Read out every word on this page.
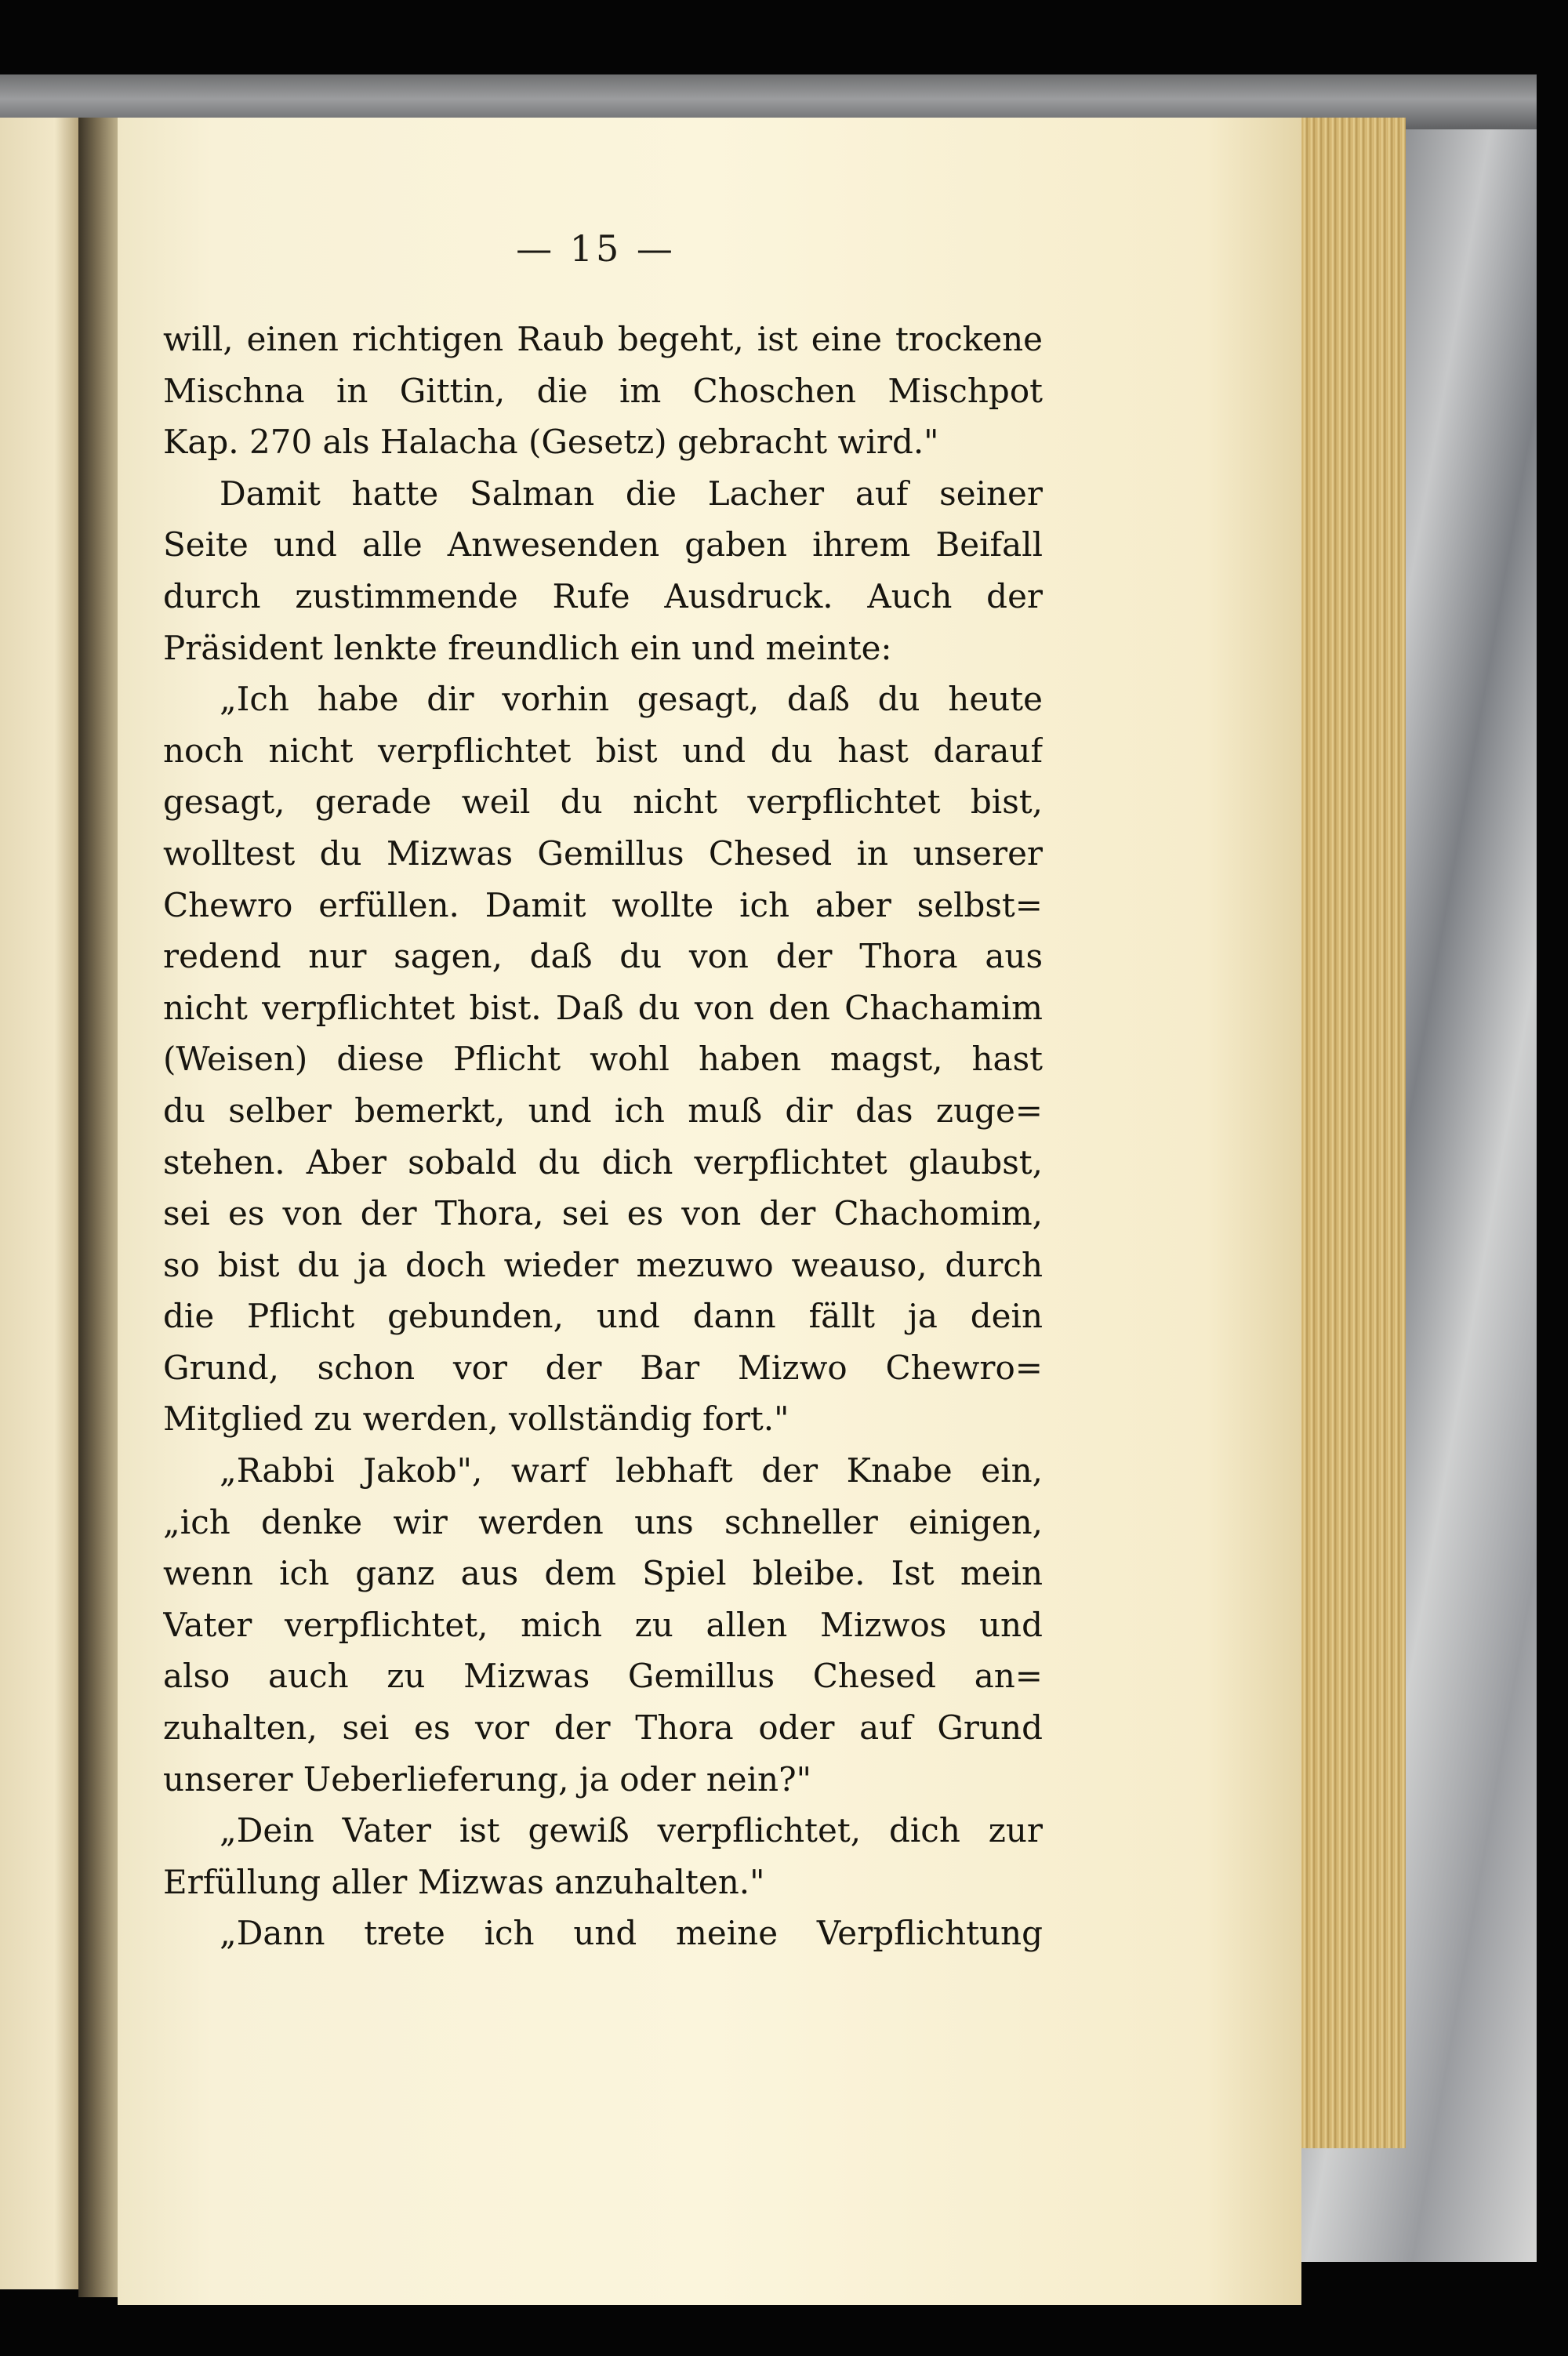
— 15 —
will, einen richtigen Raub begeht, ist eine trockene
Mischna in Gittin, die im Choschen Mischpot
Kap. 270 als Halacha (Gesetz) gebracht wird."
Damit hatte Salman die Lacher auf seiner
Seite und alle Anwesenden gaben ihrem Beifall
durch zustimmende Rufe Ausdruck. Auch der
Präsident lenkte freundlich ein und meinte:
„Ich habe dir vorhin gesagt, daß du heute
noch nicht verpflichtet bist und du hast darauf
gesagt, gerade weil du nicht verpflichtet bist,
wolltest du Mizwas Gemillus Chesed in unserer
Chewro erfüllen. Damit wollte ich aber selbst=
redend nur sagen, daß du von der Thora aus
nicht verpflichtet bist. Daß du von den Chachamim
(Weisen) diese Pflicht wohl haben magst, hast
du selber bemerkt, und ich muß dir das zuge=
stehen. Aber sobald du dich verpflichtet glaubst,
sei es von der Thora, sei es von der Chachomim,
so bist du ja doch wieder mezuwo weauso, durch
die Pflicht gebunden, und dann fällt ja dein
Grund, schon vor der Bar Mizwo Chewro=
Mitglied zu werden, vollständig fort."
„Rabbi Jakob", warf lebhaft der Knabe ein,
„ich denke wir werden uns schneller einigen,
wenn ich ganz aus dem Spiel bleibe. Ist mein
Vater verpflichtet, mich zu allen Mizwos und
also auch zu Mizwas Gemillus Chesed an=
zuhalten, sei es vor der Thora oder auf Grund
unserer Ueberlieferung, ja oder nein?"
„Dein Vater ist gewiß verpflichtet, dich zur
Erfüllung aller Mizwas anzuhalten."
„Dann trete ich und meine Verpflichtung
